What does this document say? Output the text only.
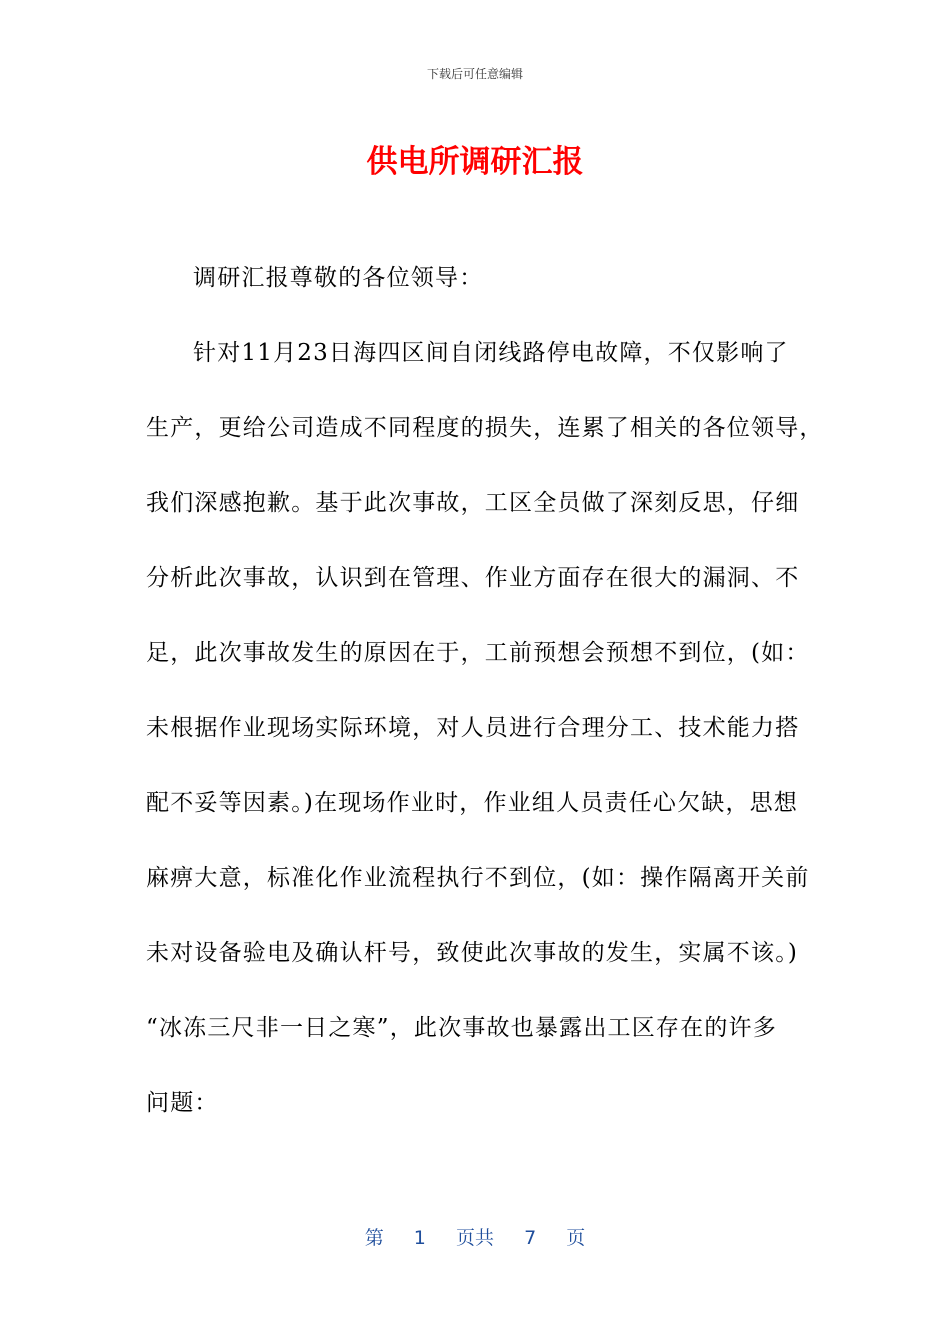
下载后可任意编辑
供电所调研汇报
调研汇报尊敬的各位领导：
针对11月23日海四区间自闭线路停电故障，不仅影响了
生产，更给公司造成不同程度的损失，连累了相关的各位领导，
我们深感抱歉。基于此次事故，工区全员做了深刻反思，仔细
分析此次事故，认识到在管理、作业方面存在很大的漏洞、不
足，此次事故发生的原因在于，工前预想会预想不到位，(如：
未根据作业现场实际环境，对人员进行合理分工、技术能力搭
配不妥等因素。)在现场作业时，作业组人员责任心欠缺，思想
麻痹大意，标准化作业流程执行不到位，(如：操作隔离开关前
未对设备验电及确认杆号，致使此次事故的发生，实属不该。)
“冰冻三尺非一日之寒”，此次事故也暴露出工区存在的许多
问题：
第 1 页共 7 页
